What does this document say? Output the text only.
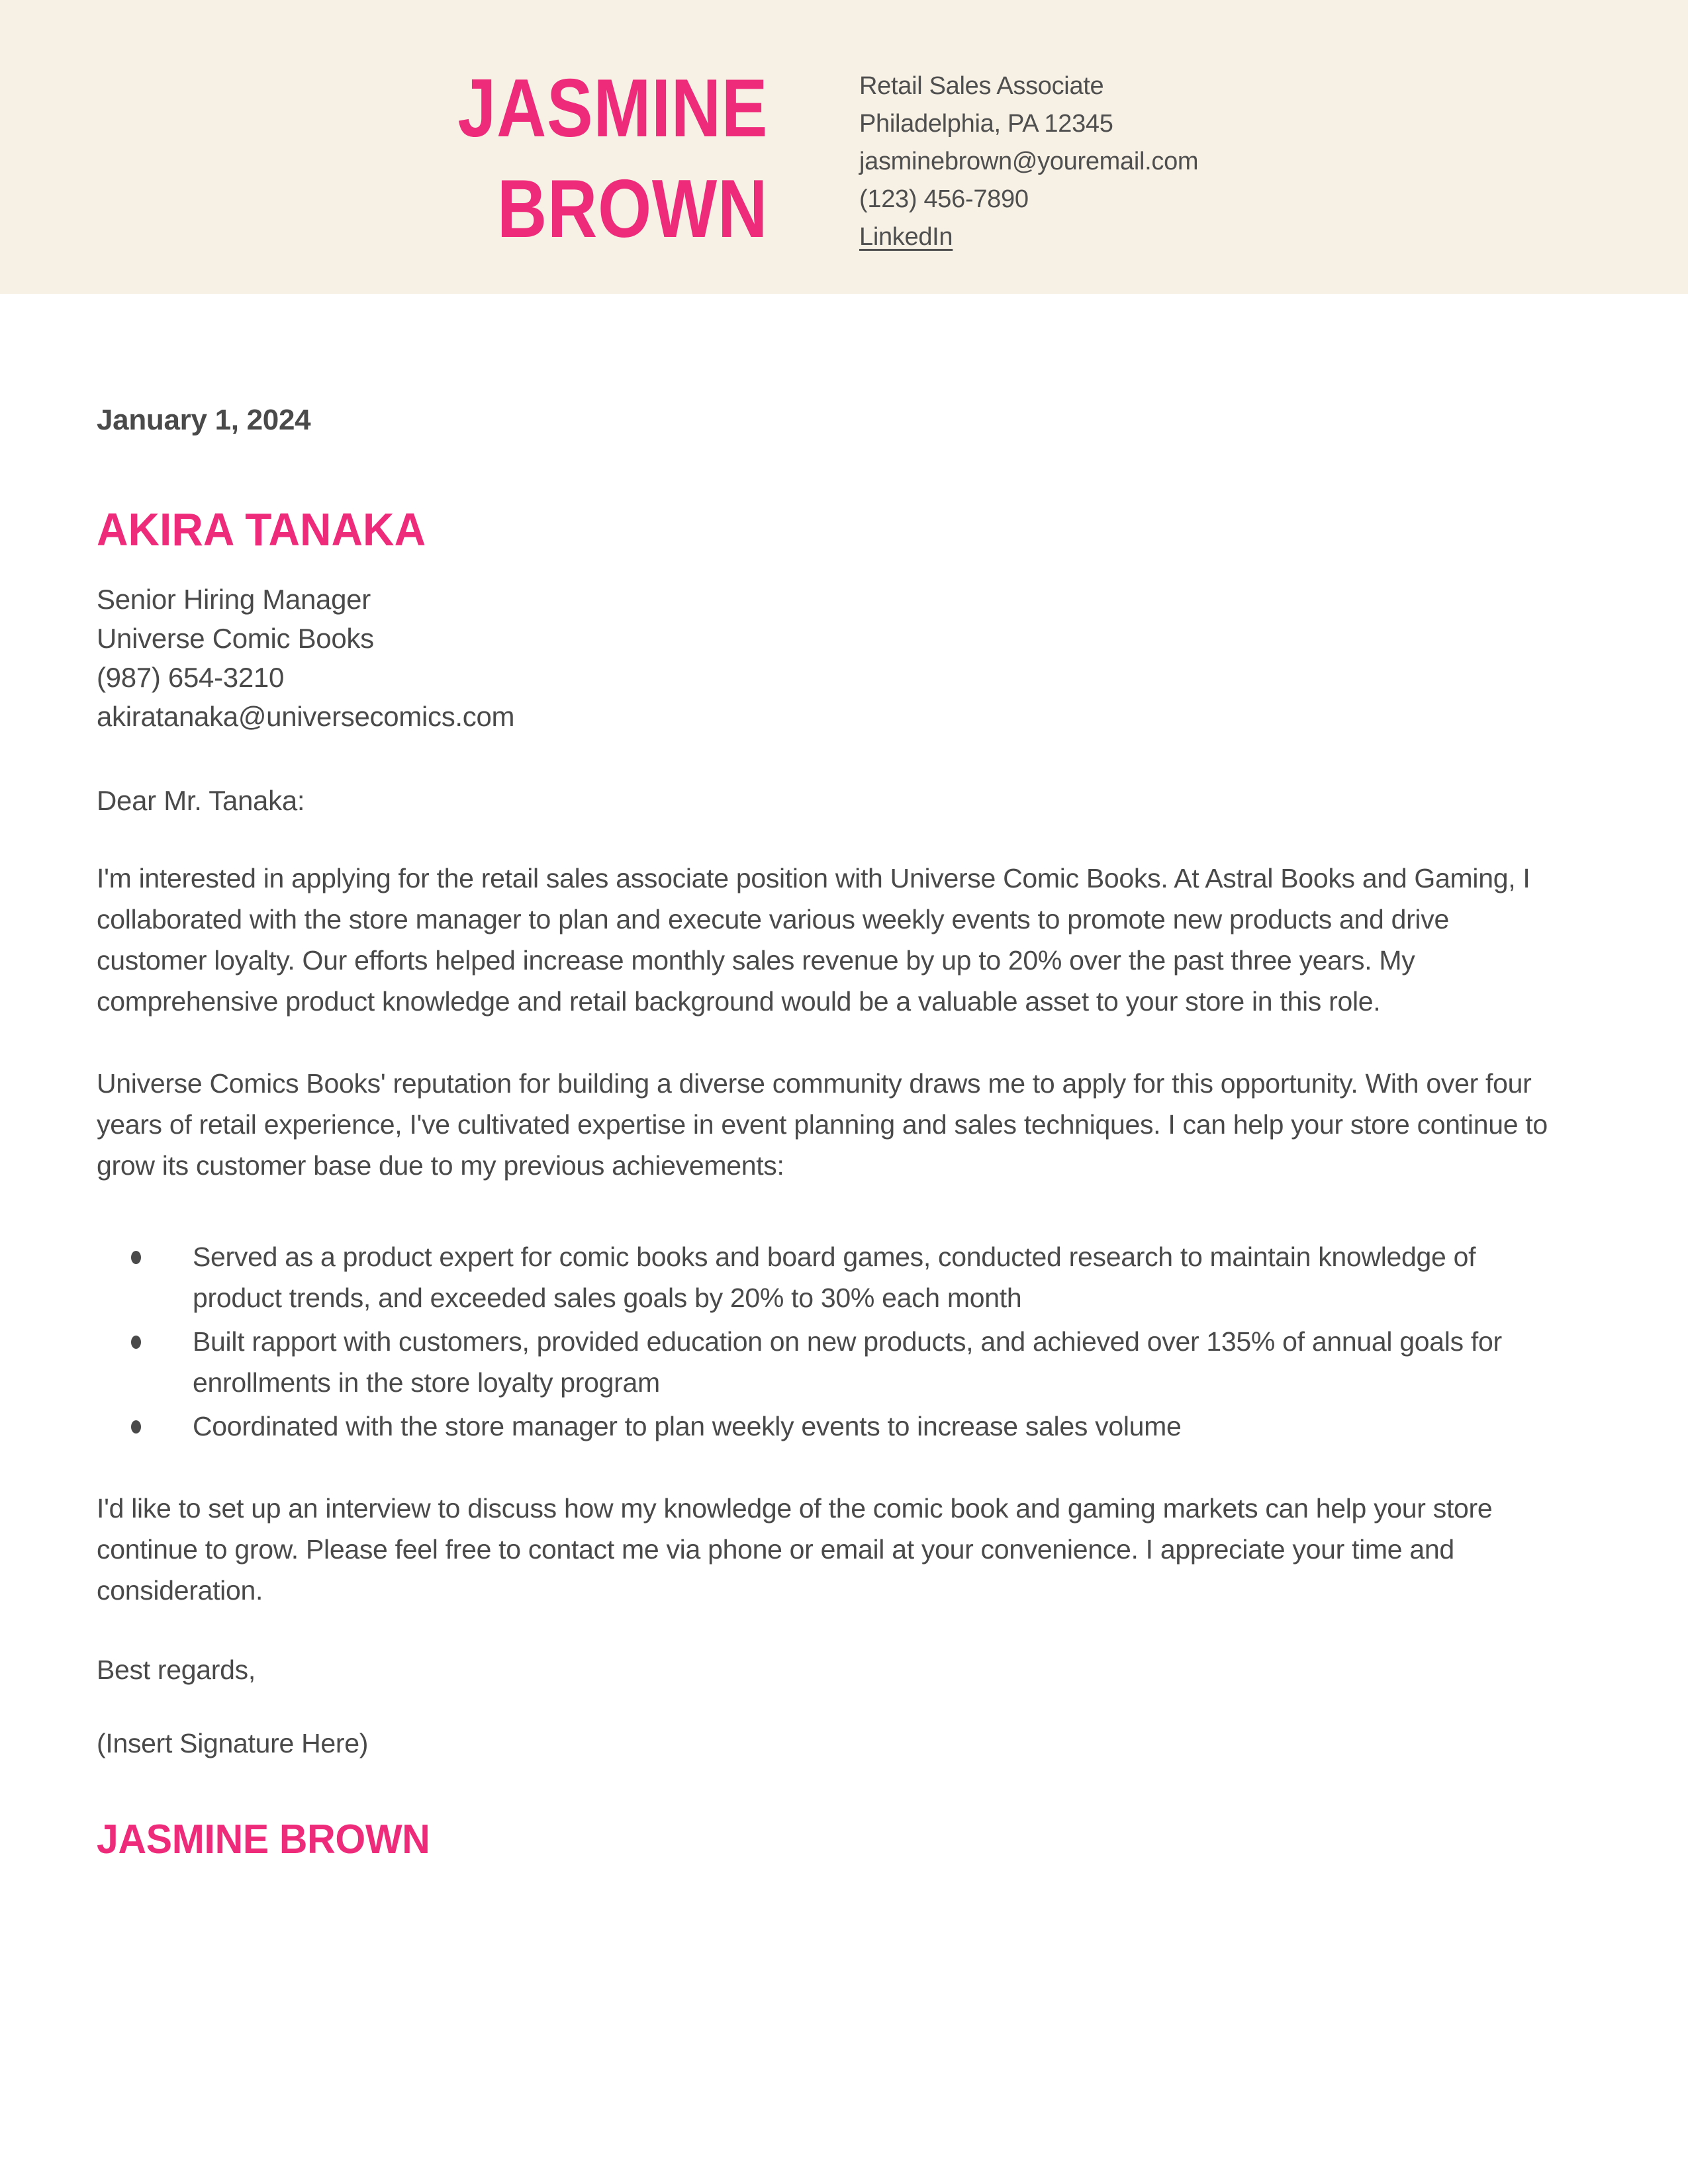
JASMINE
BROWN
Retail Sales Associate
Philadelphia, PA 12345
jasminebrown@youremail.com
(123) 456-7890
LinkedIn
January 1, 2024
AKIRA TANAKA
Senior Hiring Manager
Universe Comic Books
(987) 654-3210
akiratanaka@universecomics.com
Dear Mr. Tanaka:

I'm interested in applying for the retail sales associate position with Universe Comic Books. At Astral Books and Gaming, I collaborated with the store manager to plan and execute various weekly events to promote new products and drive customer loyalty. Our efforts helped increase monthly sales revenue by up to 20% over the past three years. My comprehensive product knowledge and retail background would be a valuable asset to your store in this role.

Universe Comics Books' reputation for building a diverse community draws me to apply for this opportunity. With over four years of retail experience, I've cultivated expertise in event planning and sales techniques. I can help your store continue to grow its customer base due to my previous achievements:

Served as a product expert for comic books and board games, conducted research to maintain knowledge of product trends, and exceeded sales goals by 20% to 30% each month
Built rapport with customers, provided education on new products, and achieved over 135% of annual goals for enrollments in the store loyalty program
Coordinated with the store manager to plan weekly events to increase sales volume

I'd like to set up an interview to discuss how my knowledge of the comic book and gaming markets can help your store continue to grow. Please feel free to contact me via phone or email at your convenience. I appreciate your time and consideration.

Best regards,
(Insert Signature Here)
JASMINE BROWN
